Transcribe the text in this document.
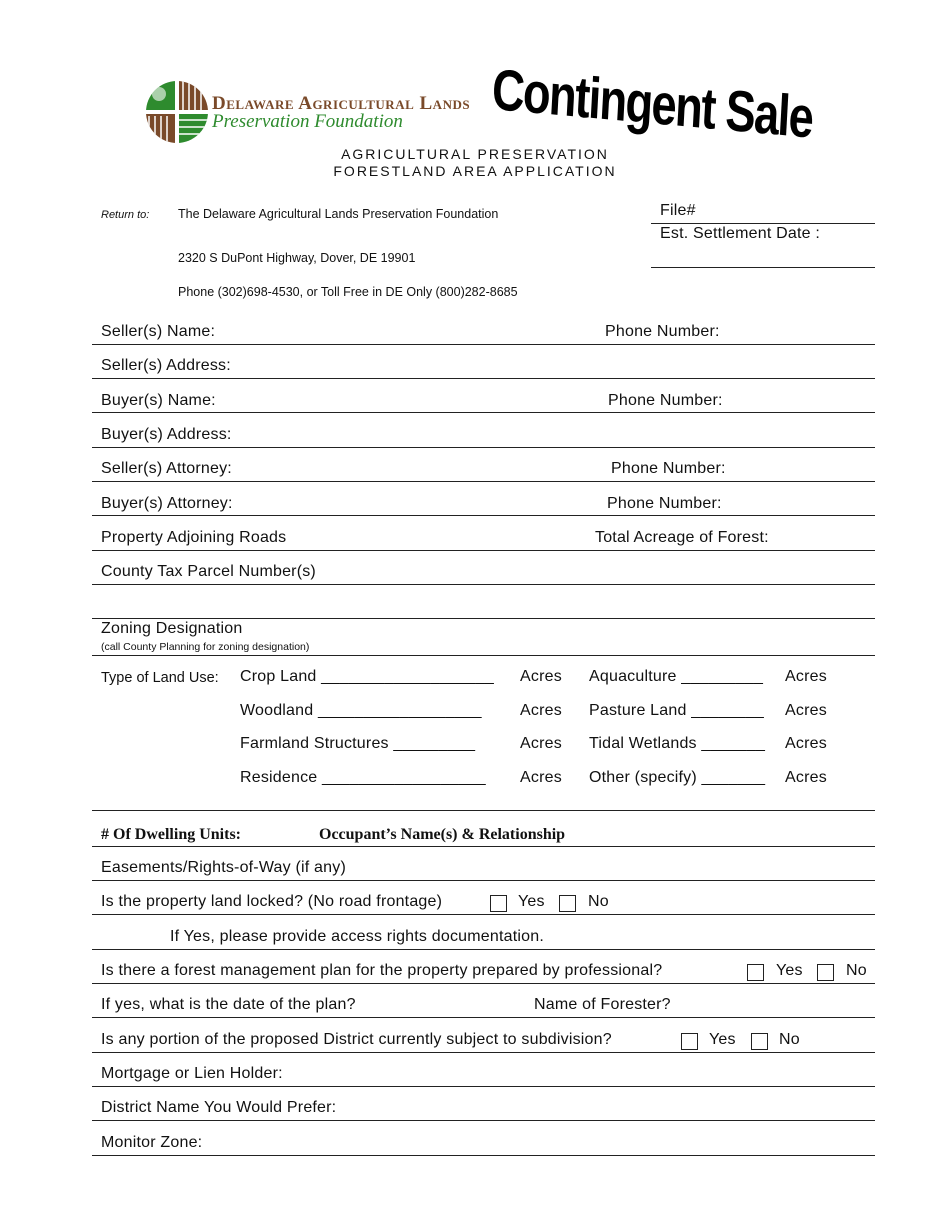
Delaware Agricultural Lands
Preservation Foundation	Contingent Sale
AGRICULTURAL PRESERVATION
FORESTLAND AREA APPLICATION
Return to: The Delaware Agricultural Lands Preservation Foundation
2320 S DuPont Highway, Dover, DE 19901
Phone (302)698-4530, or Toll Free in DE Only (800)282-8685
File#
Est. Settlement Date :
Seller(s) Name:	Phone Number:
Seller(s) Address:
Buyer(s) Name:	Phone Number:
Buyer(s) Address:
Seller(s) Attorney:	Phone Number:
Buyer(s) Attorney:	Phone Number:
Property Adjoining Roads	Total Acreage of Forest:
County Tax Parcel Number(s)
Zoning Designation
(call County Planning for zoning designation)
Type of Land Use:	Crop Land ___________________ Acres Aquaculture _________ Acres
Woodland __________________ Acres Pasture Land ________ Acres
Farmland Structures _________	Acres Tidal Wetlands _______ Acres
Residence __________________ Acres Other (specify) _______ Acres
# Of Dwelling Units:	Occupant’s Name(s) & Relationship
Easements/Rights-of-Way (if any)
Is the property land locked? (No road frontage)	Yes	No
If Yes, please provide access rights documentation.
Is there a forest management plan for the property prepared by professional?	Yes	No
If yes, what is the date of the plan?	Name of Forester?
Is any portion of the proposed District currently subject to subdivision?	Yes	No
Mortgage or Lien Holder:
District Name You Would Prefer:
Monitor Zone:
